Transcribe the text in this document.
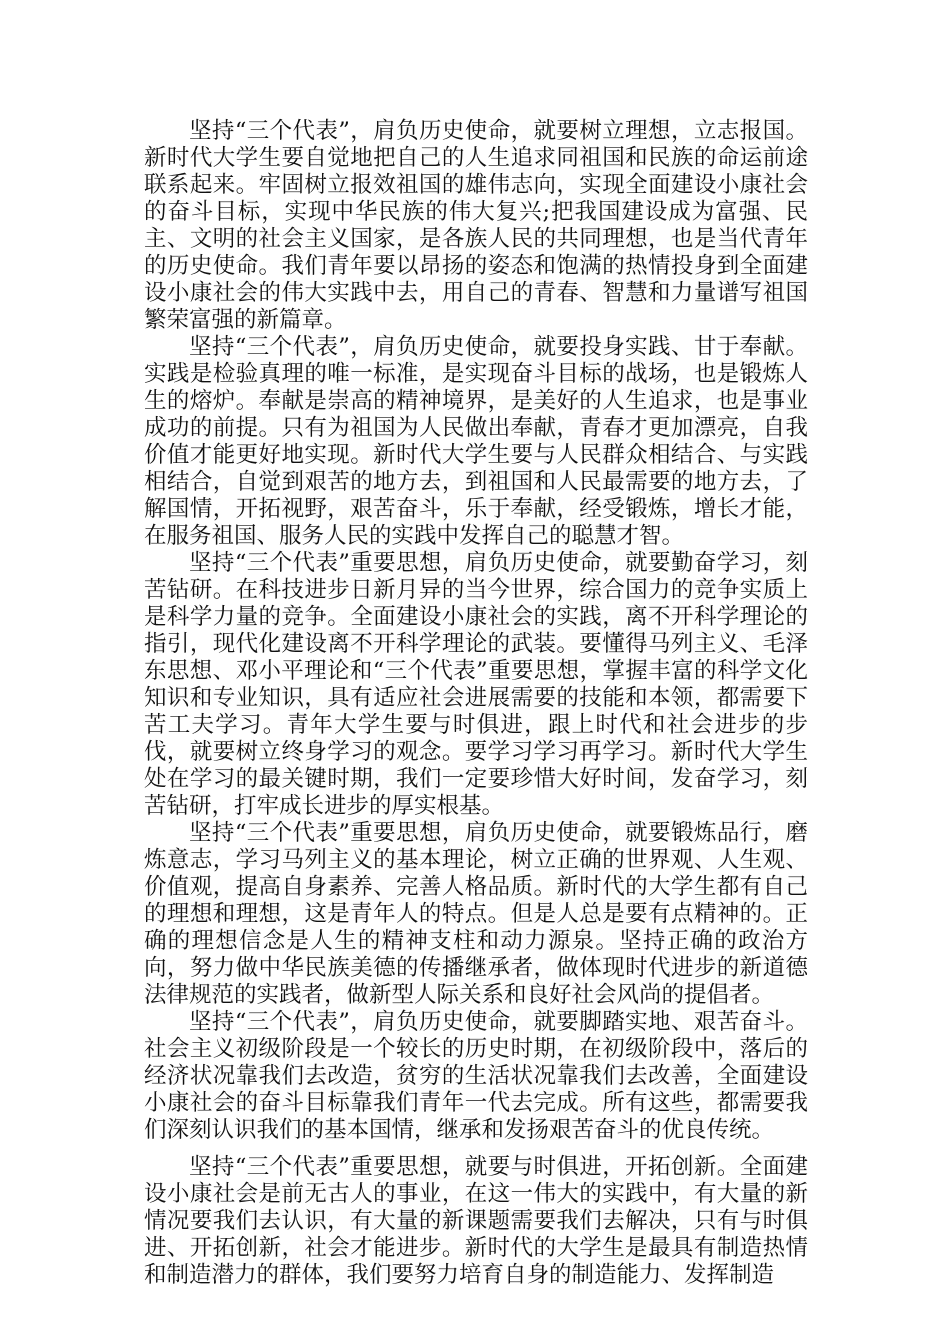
坚持“三个代表”，肩负历史使命，就要树立理想，立志报国。新时代大学生要自觉地把自己的人生追求同祖国和民族的命运前途联系起来。牢固树立报效祖国的雄伟志向，实现全面建设小康社会的奋斗目标，实现中华民族的伟大复兴;把我国建设成为富强、民主、文明的社会主义国家，是各族人民的共同理想，也是当代青年的历史使命。我们青年要以昂扬的姿态和饱满的热情投身到全面建设小康社会的伟大实践中去，用自己的青春、智慧和力量谱写祖国繁荣富强的新篇章。

坚持“三个代表”，肩负历史使命，就要投身实践、甘于奉献。实践是检验真理的唯一标准，是实现奋斗目标的战场，也是锻炼人生的熔炉。奉献是崇高的精神境界，是美好的人生追求，也是事业成功的前提。只有为祖国为人民做出奉献，青春才更加漂亮，自我价值才能更好地实现。新时代大学生要与人民群众相结合、与实践相结合，自觉到艰苦的地方去，到祖国和人民最需要的地方去，了解国情，开拓视野，艰苦奋斗，乐于奉献，经受锻炼，增长才能，在服务祖国、服务人民的实践中发挥自己的聪慧才智。

坚持“三个代表”重要思想，肩负历史使命，就要勤奋学习，刻苦钻研。在科技进步日新月异的当今世界，综合国力的竞争实质上是科学力量的竞争。全面建设小康社会的实践，离不开科学理论的指引，现代化建设离不开科学理论的武装。要懂得马列主义、毛泽东思想、邓小平理论和“三个代表”重要思想，掌握丰富的科学文化知识和专业知识，具有适应社会进展需要的技能和本领，都需要下苦工夫学习。青年大学生要与时俱进，跟上时代和社会进步的步伐，就要树立终身学习的观念。要学习学习再学习。新时代大学生处在学习的最关键时期，我们一定要珍惜大好时间，发奋学习，刻苦钻研，打牢成长进步的厚实根基。

坚持“三个代表”重要思想，肩负历史使命，就要锻炼品行，磨炼意志，学习马列主义的基本理论，树立正确的世界观、人生观、价值观，提高自身素养、完善人格品质。新时代的大学生都有自己的理想和理想，这是青年人的特点。但是人总是要有点精神的。正确的理想信念是人生的精神支柱和动力源泉。坚持正确的政治方向，努力做中华民族美德的传播继承者，做体现时代进步的新道德法律规范的实践者，做新型人际关系和良好社会风尚的提倡者。

坚持“三个代表”，肩负历史使命，就要脚踏实地、艰苦奋斗。社会主义初级阶段是一个较长的历史时期，在初级阶段中，落后的 经济状况靠我们去改造，贫穷的生活状况靠我们去改善，全面建设小康社会的奋斗目标靠我们青年一代去完成。所有这些，都需要我们深刻认识我们的基本国情，继承和发扬艰苦奋斗的优良传统。

坚持“三个代表”重要思想，就要与时俱进，开拓创新。全面建设小康社会是前无古人的事业，在这一伟大的实践中，有大量的新情况要我们去认识，有大量的新课题需要我们去解决，只有与时俱进、开拓创新，社会才能进步。新时代的大学生是最具有制造热情和制造潜力的群体，我们要努力培育自身的制造能力、发挥制造
